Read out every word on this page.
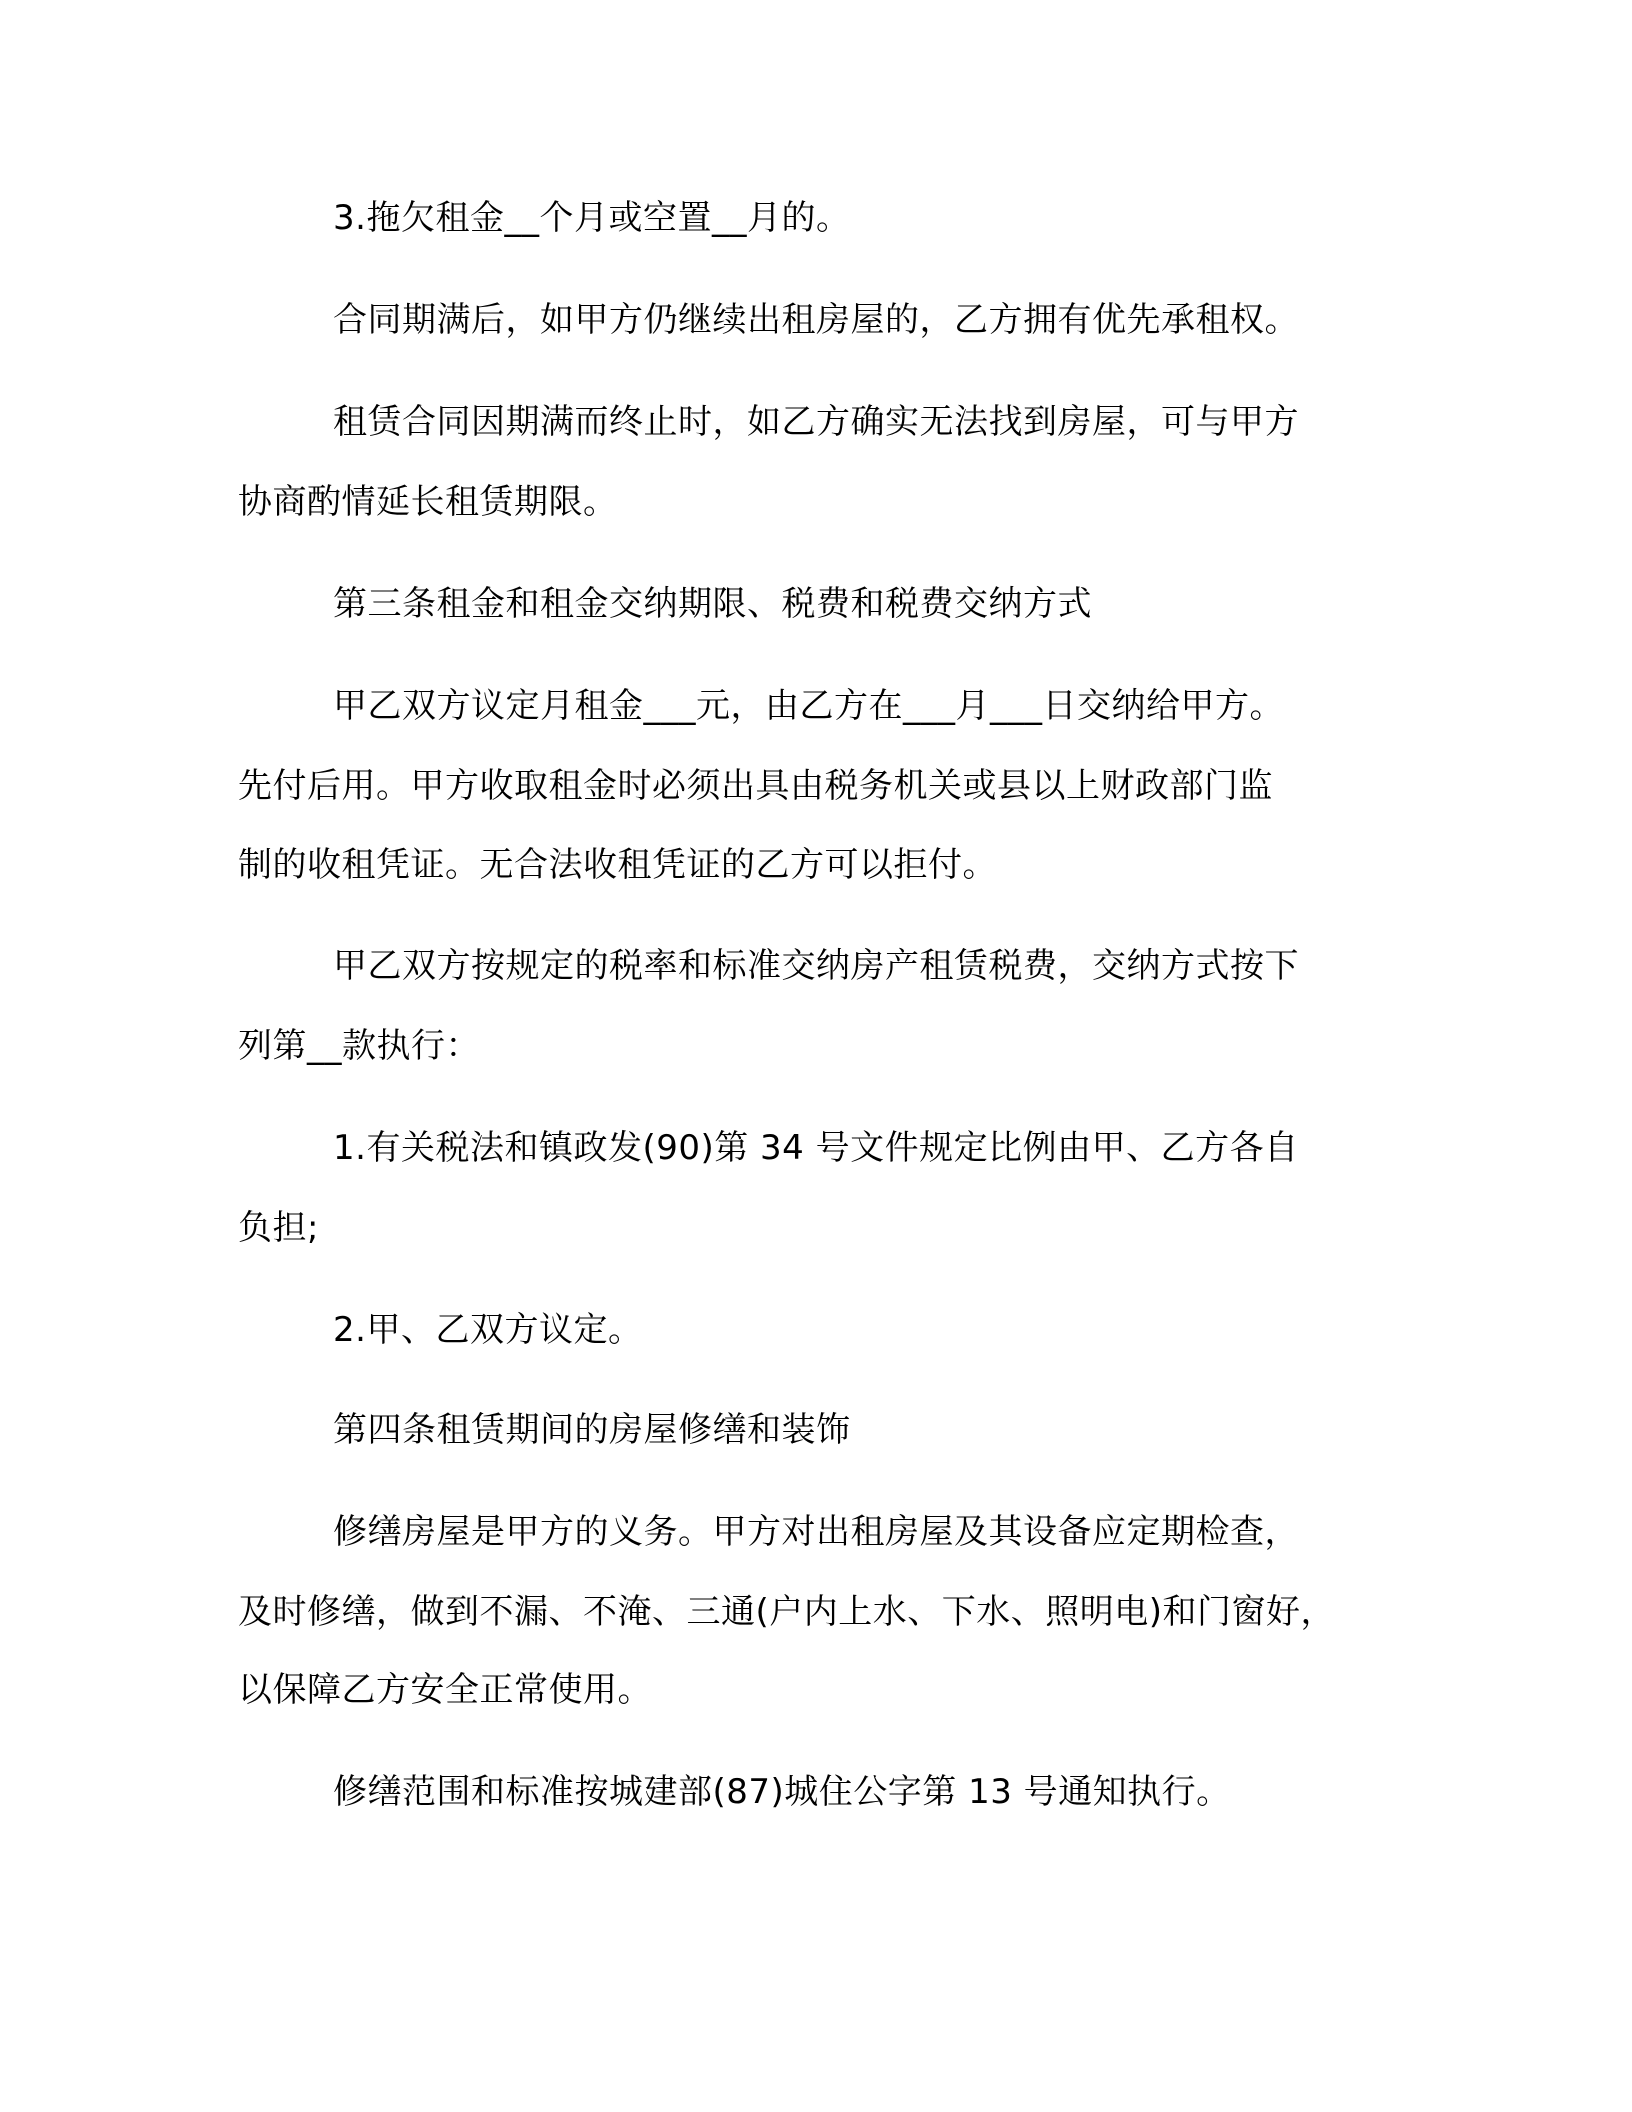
3.拖欠租金__个月或空置__月的。
合同期满后，如甲方仍继续出租房屋的，乙方拥有优先承租权。
租赁合同因期满而终止时，如乙方确实无法找到房屋，可与甲方
协商酌情延长租赁期限。
第三条租金和租金交纳期限、税费和税费交纳方式
甲乙双方议定月租金___元，由乙方在___月___日交纳给甲方。
先付后用。甲方收取租金时必须出具由税务机关或县以上财政部门监
制的收租凭证。无合法收租凭证的乙方可以拒付。
甲乙双方按规定的税率和标准交纳房产租赁税费，交纳方式按下
列第__款执行：
1.有关税法和镇政发(90)第 34 号文件规定比例由甲、乙方各自
负担;
2.甲、乙双方议定。
第四条租赁期间的房屋修缮和装饰
修缮房屋是甲方的义务。甲方对出租房屋及其设备应定期检查，
及时修缮，做到不漏、不淹、三通(户内上水、下水、照明电)和门窗好，
以保障乙方安全正常使用。
修缮范围和标准按城建部(87)城住公字第 13 号通知执行。
